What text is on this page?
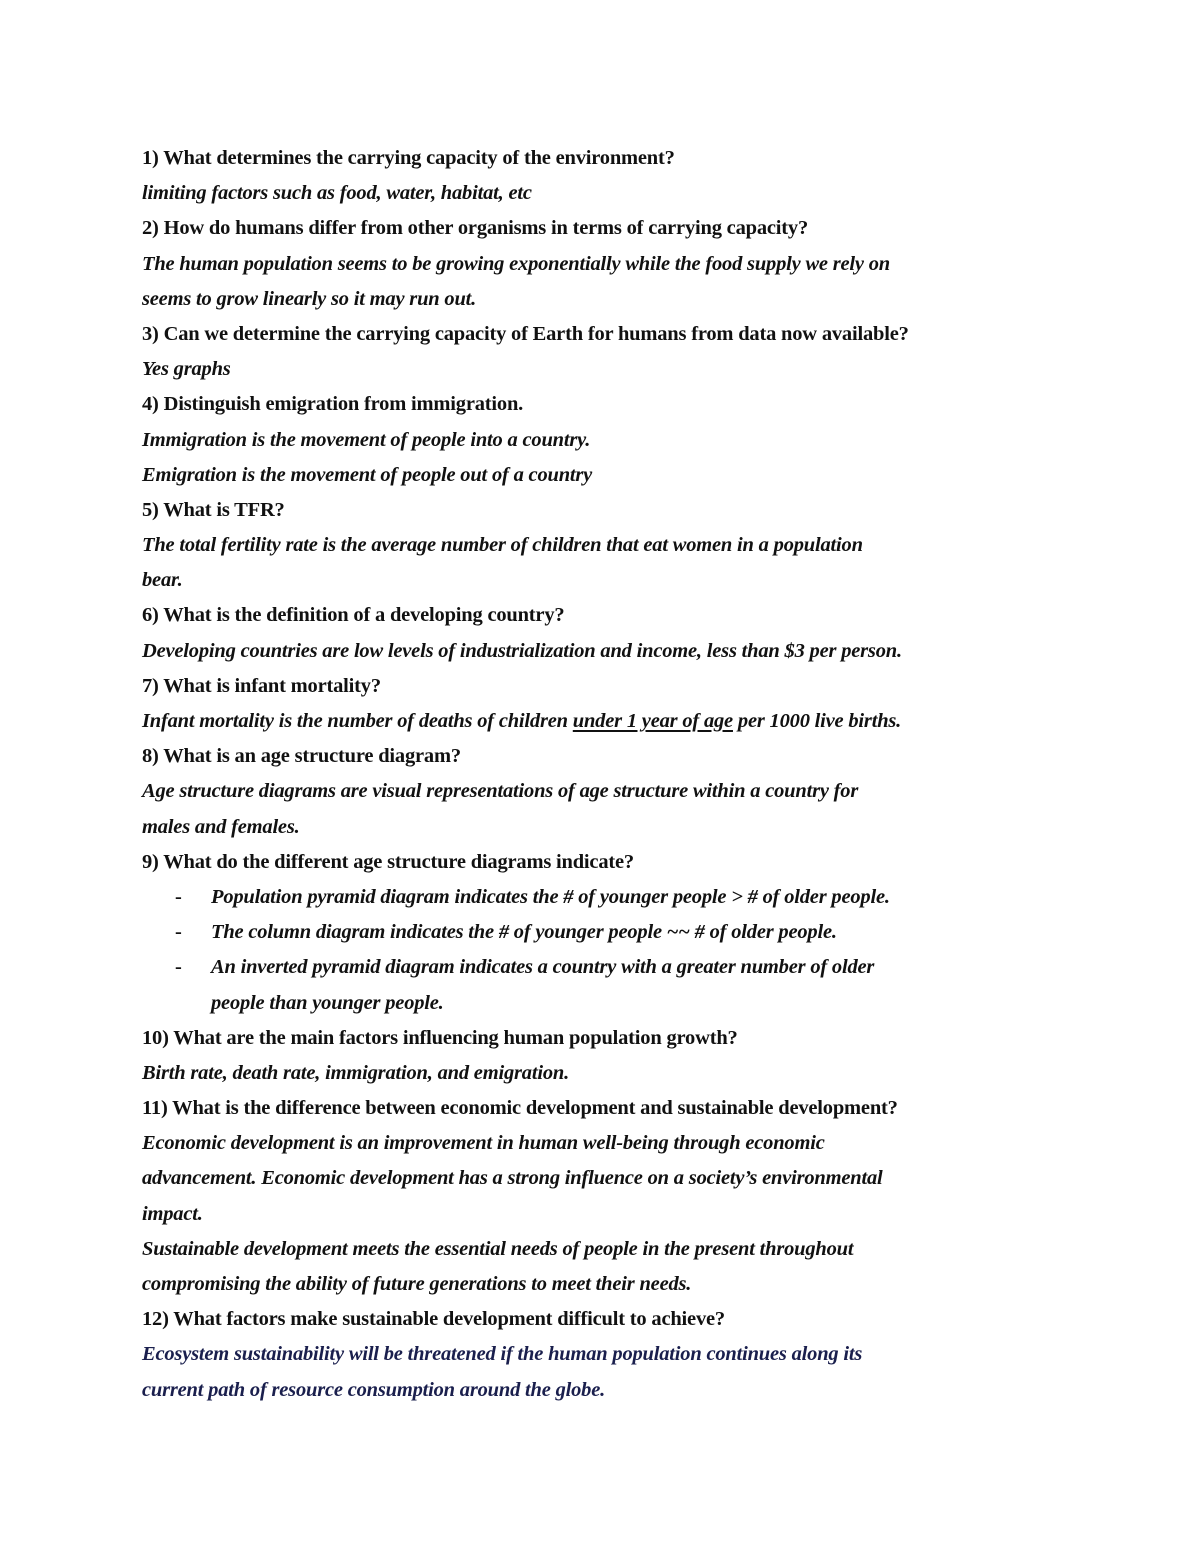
1) What determines the carrying capacity of the environment?
limiting factors such as food, water, habitat, etc
2) How do humans differ from other organisms in terms of carrying capacity?
The human population seems to be growing exponentially while the food supply we rely on
seems to grow linearly so it may run out.
3) Can we determine the carrying capacity of Earth for humans from data now available?
Yes graphs
4) Distinguish emigration from immigration.
Immigration is the movement of people into a country.
Emigration is the movement of people out of a country
5) What is TFR?
The total fertility rate is the average number of children that eat women in a population
bear.
6) What is the definition of a developing country?
Developing countries are low levels of industrialization and income, less than $3 per person.
7) What is infant mortality?
Infant mortality is the number of deaths of children under 1 year of age per 1000 live births.
8) What is an age structure diagram?
Age structure diagrams are visual representations of age structure within a country for
males and females.
9) What do the different age structure diagrams indicate?
- Population pyramid diagram indicates the # of younger people > # of older people.
- The column diagram indicates the # of younger people ~~ # of older people.
- An inverted pyramid diagram indicates a country with a greater number of older
people than younger people.
10) What are the main factors influencing human population growth?
Birth rate, death rate, immigration, and emigration.
11) What is the difference between economic development and sustainable development?
Economic development is an improvement in human well-being through economic
advancement. Economic development has a strong influence on a society’s environmental
impact.
Sustainable development meets the essential needs of people in the present throughout
compromising the ability of future generations to meet their needs.
12) What factors make sustainable development difficult to achieve?
Ecosystem sustainability will be threatened if the human population continues along its
current path of resource consumption around the globe.
